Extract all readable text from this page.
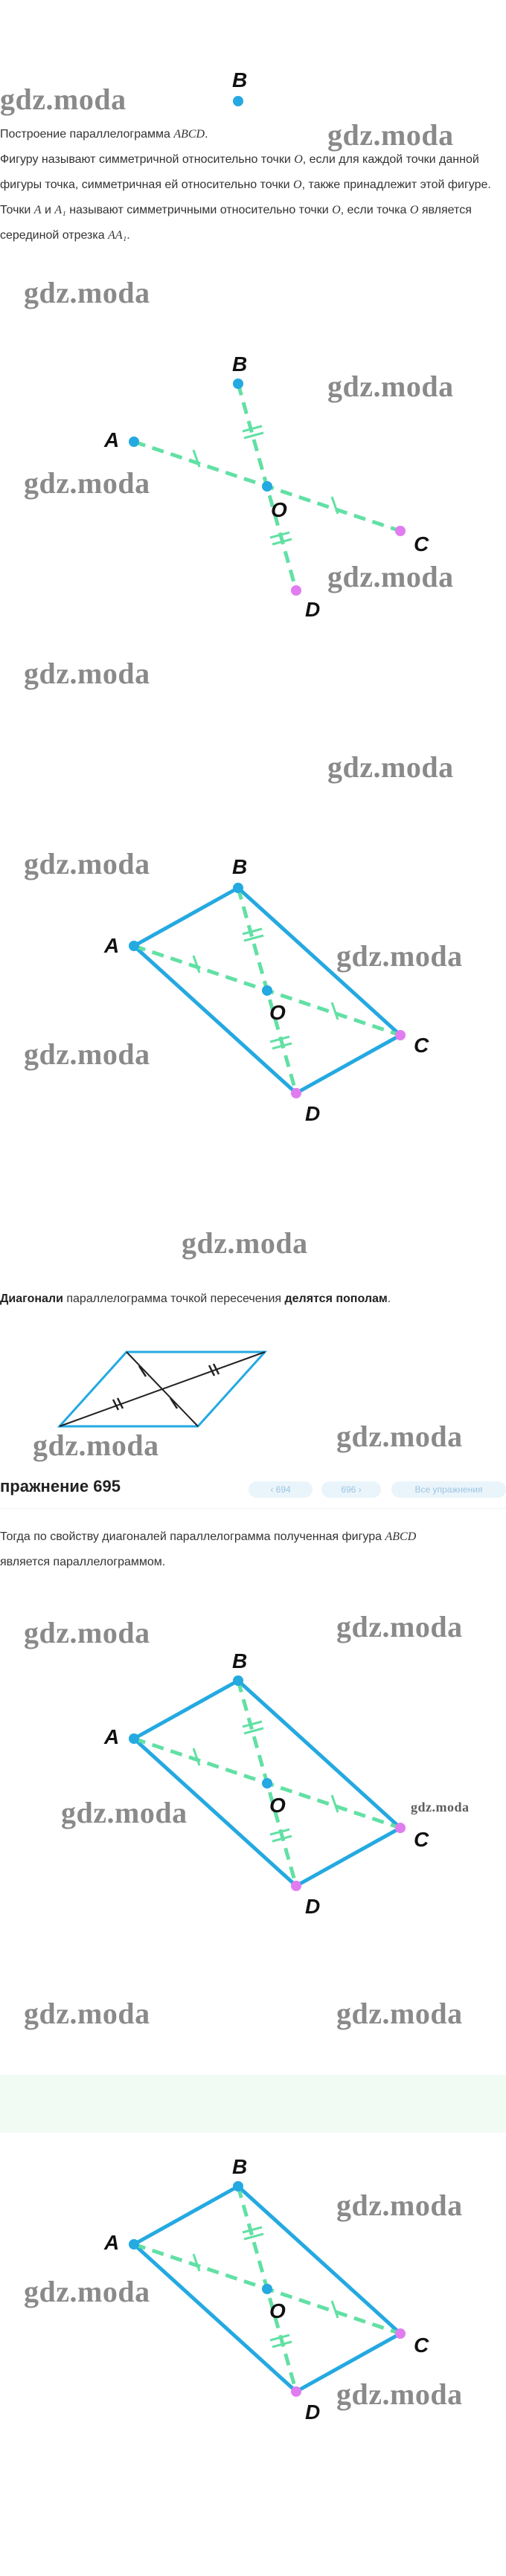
B

Построение параллелограмма ABCD.

Фигуру называют симметричной относительно точки O, если для каждой точки данной фигуры точка, симметричная ей относительно точки O, также принадлежит этой фигуре.

Точки A и A₁ называют симметричными относительно точки O, если точка O является серединой отрезка AA₁.

A
B
O
C
D
A
B
O
C
D

Диагонали параллелограмма точкой пересечения делятся пополам.

пражнение 695	‹ 694	696 ›	Все упражнения

Тогда по свойству диагоналей параллелограмма полученная фигура ABCD

является параллелограммом.

A
B
O
C
D
A
B
O
C
D
gdz.moda
gdz.moda
gdz.moda
gdz.moda
gdz.moda
gdz.moda
gdz.moda
gdz.moda
gdz.moda
gdz.moda
gdz.moda
gdz.moda
gdz.moda	gdz.moda
gdz.moda	gdz.moda
gdz.moda	gdz.moda
gdz.moda	gdz.moda
gdz.moda
gdz.moda
gdz.moda
